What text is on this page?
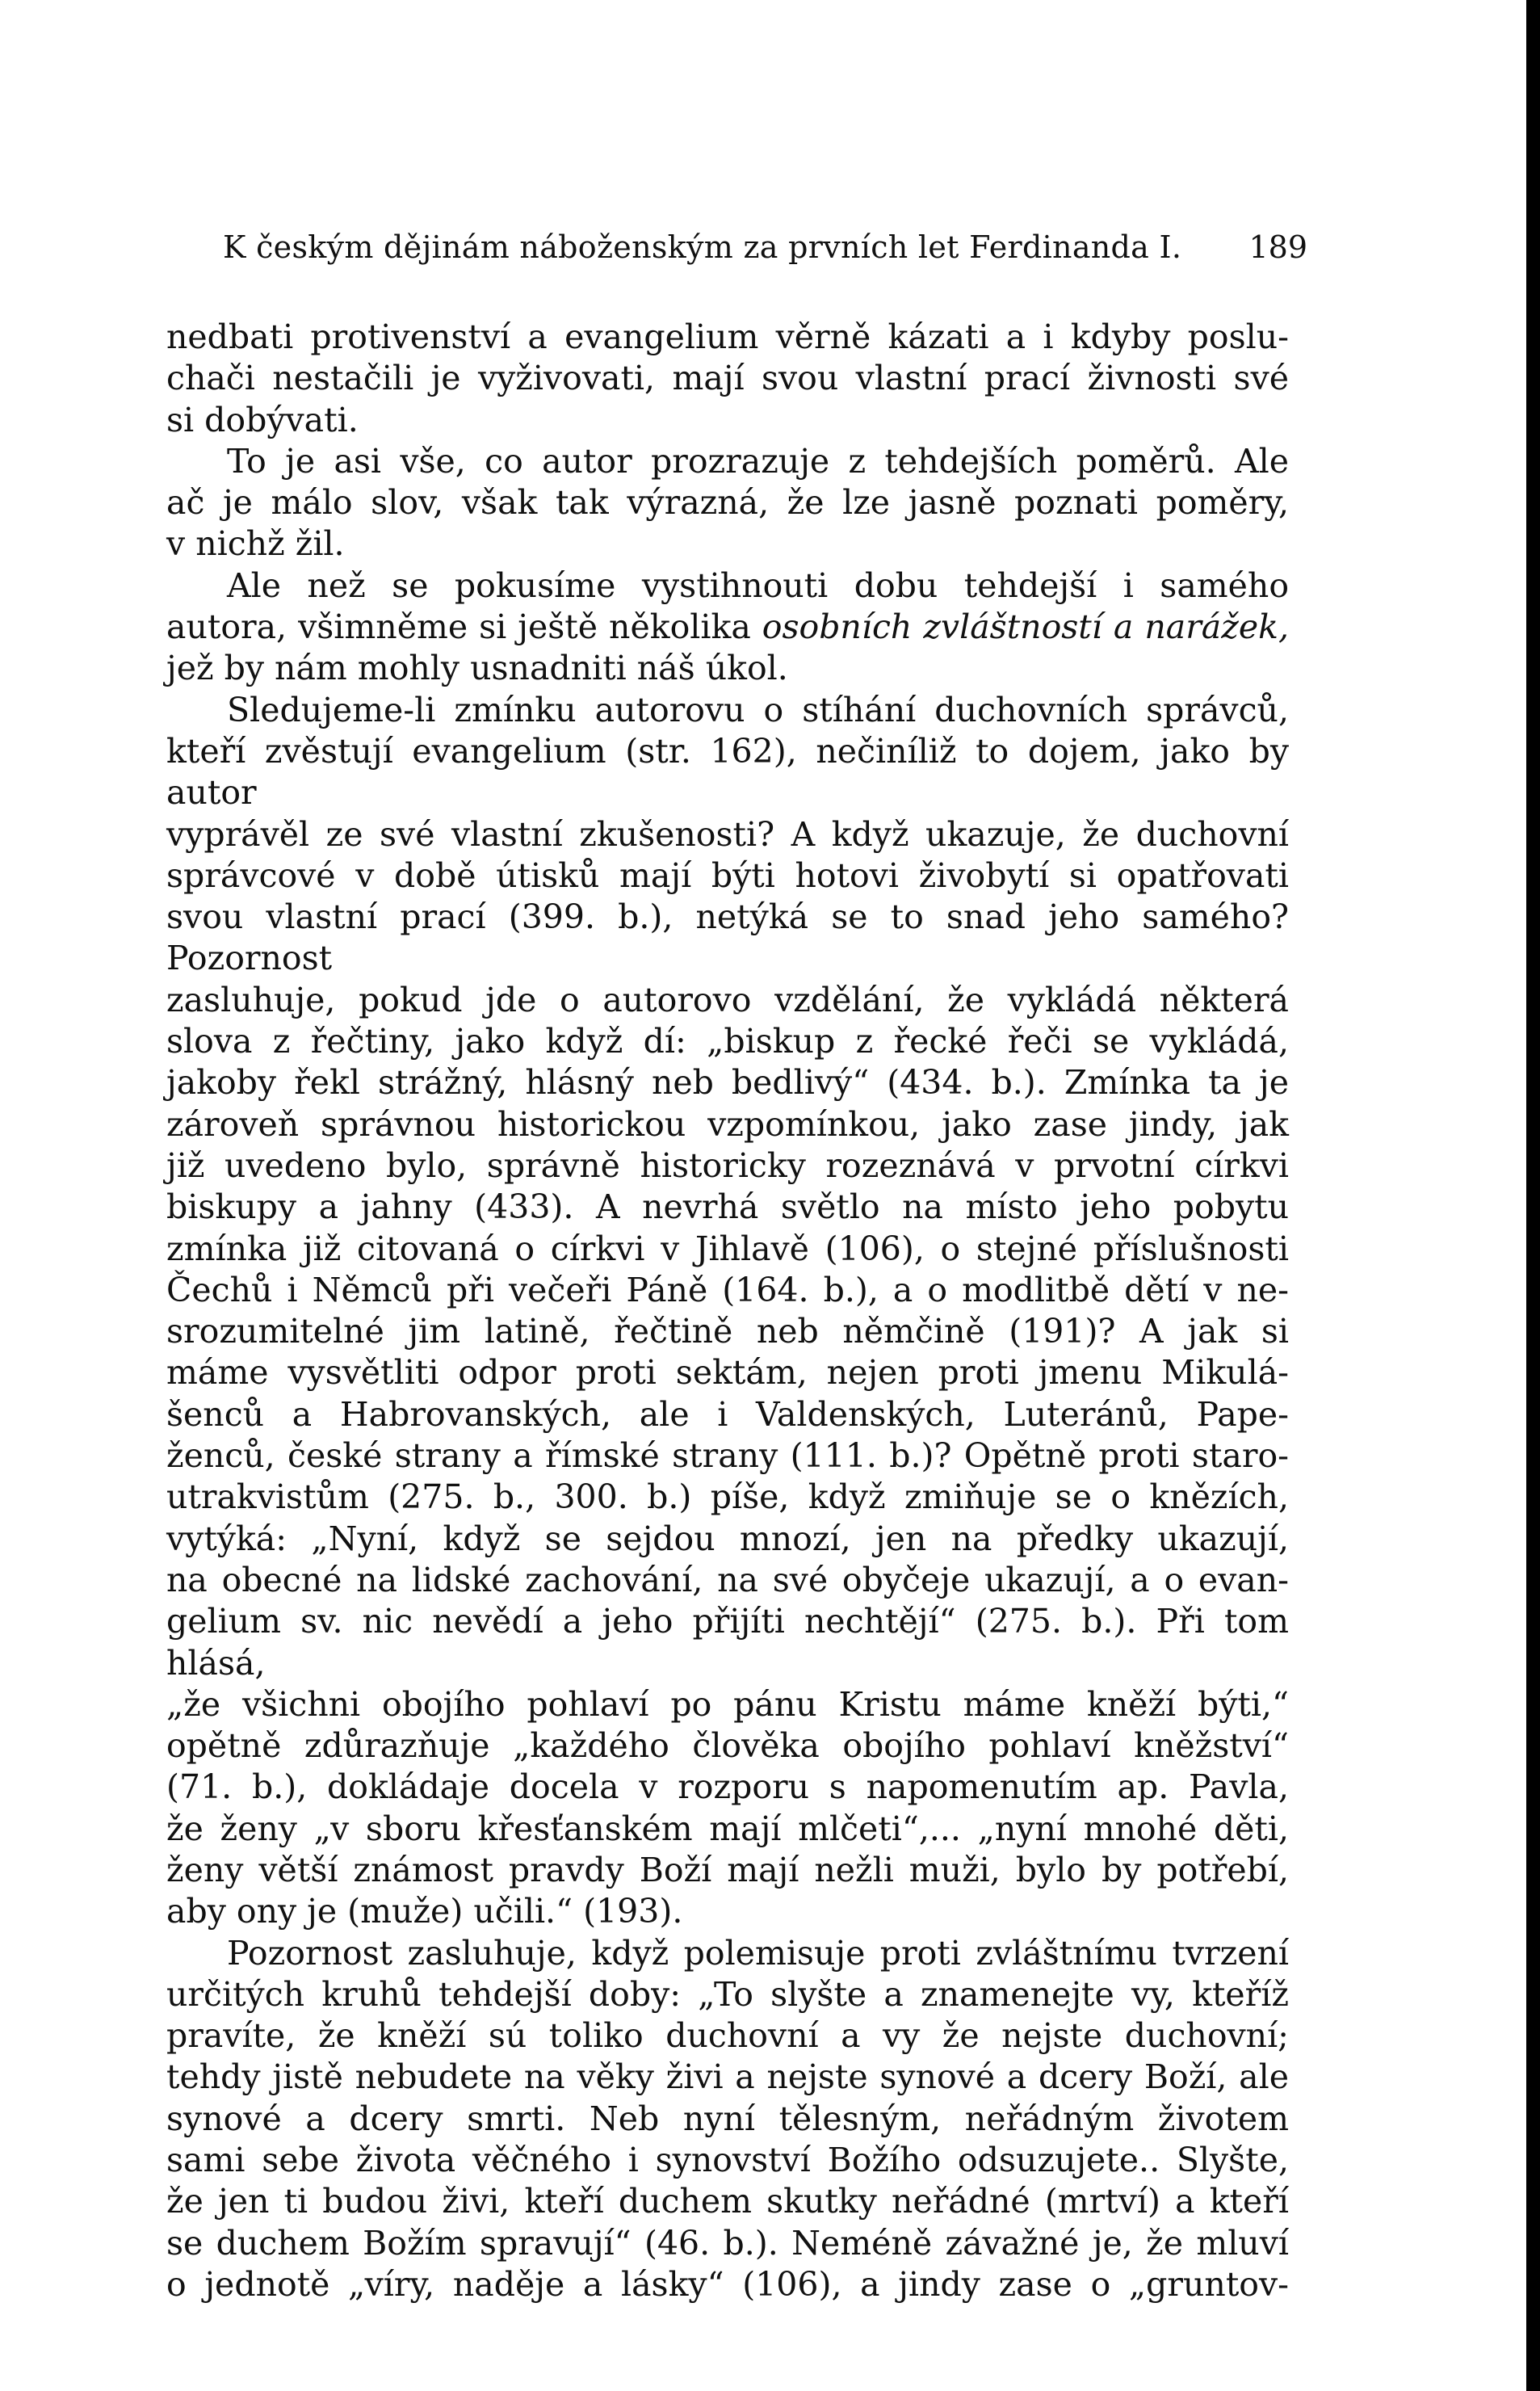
K českým dějinám náboženským za prvních let Ferdinanda I. 189

nedbati protivenství a evangelium věrně kázati a i kdyby poslu-

chači nestačili je vyživovati, mají svou vlastní prací živnosti své

si dobývati.

To je asi vše, co autor prozrazuje z tehdejších poměrů. Ale

ač je málo slov, však tak výrazná, že lze jasně poznati poměry,

v nichž žil.

Ale než se pokusíme vystihnouti dobu tehdejší i samého

autora, všimněme si ještě několika osobních zvláštností a narážek,

jež by nám mohly usnadniti náš úkol.

Sledujeme-li zmínku autorovu o stíhání duchovních správců,

kteří zvěstují evangelium (str. 162), nečiníliž to dojem, jako by autor

vyprávěl ze své vlastní zkušenosti? A když ukazuje, že duchovní

správcové v době útisků mají býti hotovi živobytí si opatřovati

svou vlastní prací (399. b.), netýká se to snad jeho samého? Pozornost

zasluhuje, pokud jde o autorovo vzdělání, že vykládá některá

slova z řečtiny, jako když dí: „biskup z řecké řeči se vykládá,

jakoby řekl strážný, hlásný neb bedlivý“ (434. b.). Zmínka ta je

zároveň správnou historickou vzpomínkou, jako zase jindy, jak

již uvedeno bylo, správně historicky rozeznává v prvotní církvi

biskupy a jahny (433). A nevrhá světlo na místo jeho pobytu

zmínka již citovaná o církvi v Jihlavě (106), o stejné příslušnosti

Čechů i Němců při večeři Páně (164. b.), a o modlitbě dětí v ne-

srozumitelné jim latině, řečtině neb němčině (191)? A jak si

máme vysvětliti odpor proti sektám, nejen proti jmenu Mikulá-

šenců a Habrovanských, ale i Valdenských, Luteránů, Pape-

ženců, české strany a římské strany (111. b.)? Opětně proti staro-

utrakvistům (275. b., 300. b.) píše, když zmiňuje se o knězích,

vytýká: „Nyní, když se sejdou mnozí, jen na předky ukazují,

na obecné na lidské zachování, na své obyčeje ukazují, a o evan-

gelium sv. nic nevědí a jeho přijíti nechtějí“ (275. b.). Při tom hlásá,

„že všichni obojího pohlaví po pánu Kristu máme kněží býti,“

opětně zdůrazňuje „každého člověka obojího pohlaví kněžství“

(71. b.), dokládaje docela v rozporu s napomenutím ap. Pavla,

že ženy „v sboru křesťanském mají mlčeti“,... „nyní mnohé děti,

ženy větší známost pravdy Boží mají nežli muži, bylo by potřebí,

aby ony je (muže) učili.“ (193).

Pozornost zasluhuje, když polemisuje proti zvláštnímu tvrzení

určitých kruhů tehdejší doby: „To slyšte a znamenejte vy, kteříž

pravíte, že kněží sú toliko duchovní a vy že nejste duchovní;

tehdy jistě nebudete na věky živi a nejste synové a dcery Boží, ale

synové a dcery smrti. Neb nyní tělesným, neřádným životem

sami sebe života věčného i synovství Božího odsuzujete.. Slyšte,

že jen ti budou živi, kteří duchem skutky neřádné (mrtví) a kteří

se duchem Božím spravují“ (46. b.). Neméně závažné je, že mluví

o jednotě „víry, naděje a lásky“ (106), a jindy zase o „gruntov-
